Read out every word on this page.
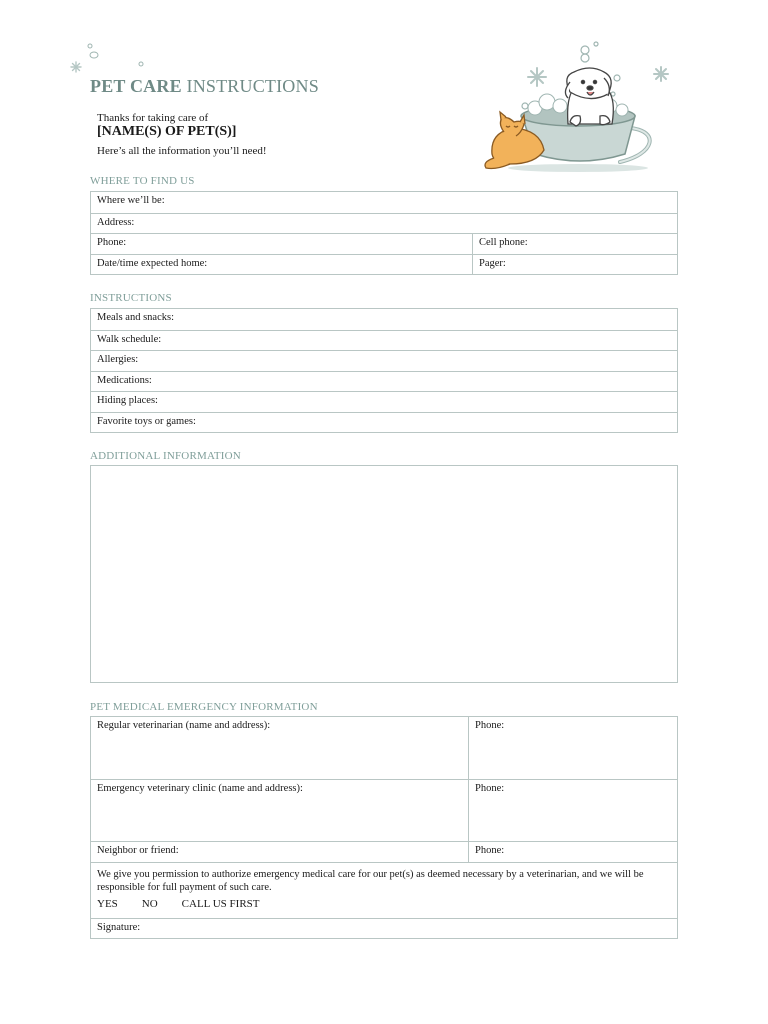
PET CARE INSTRUCTIONS
Thanks for taking care of
[NAME(S) OF PET(S)]
Here’s all the information you’ll need!
WHERE TO FIND US
Where we’ll be:
Address:
Phone:	Cell phone:
Date/time expected home:	Pager:
INSTRUCTIONS
Meals and snacks:
Walk schedule:
Allergies:
Medications:
Hiding places:
Favorite toys or games:
ADDITIONAL INFORMATION
PET MEDICAL EMERGENCY INFORMATION
Regular veterinarian (name and address):	Phone:
Emergency veterinary clinic (name and address):	Phone:
Neighbor or friend:	Phone:
We give you permission to authorize emergency medical care for our pet(s) as deemed necessary by a veterinarian, and we will be responsible for full payment of such care.
YES NO CALL US FIRST
Signature:
